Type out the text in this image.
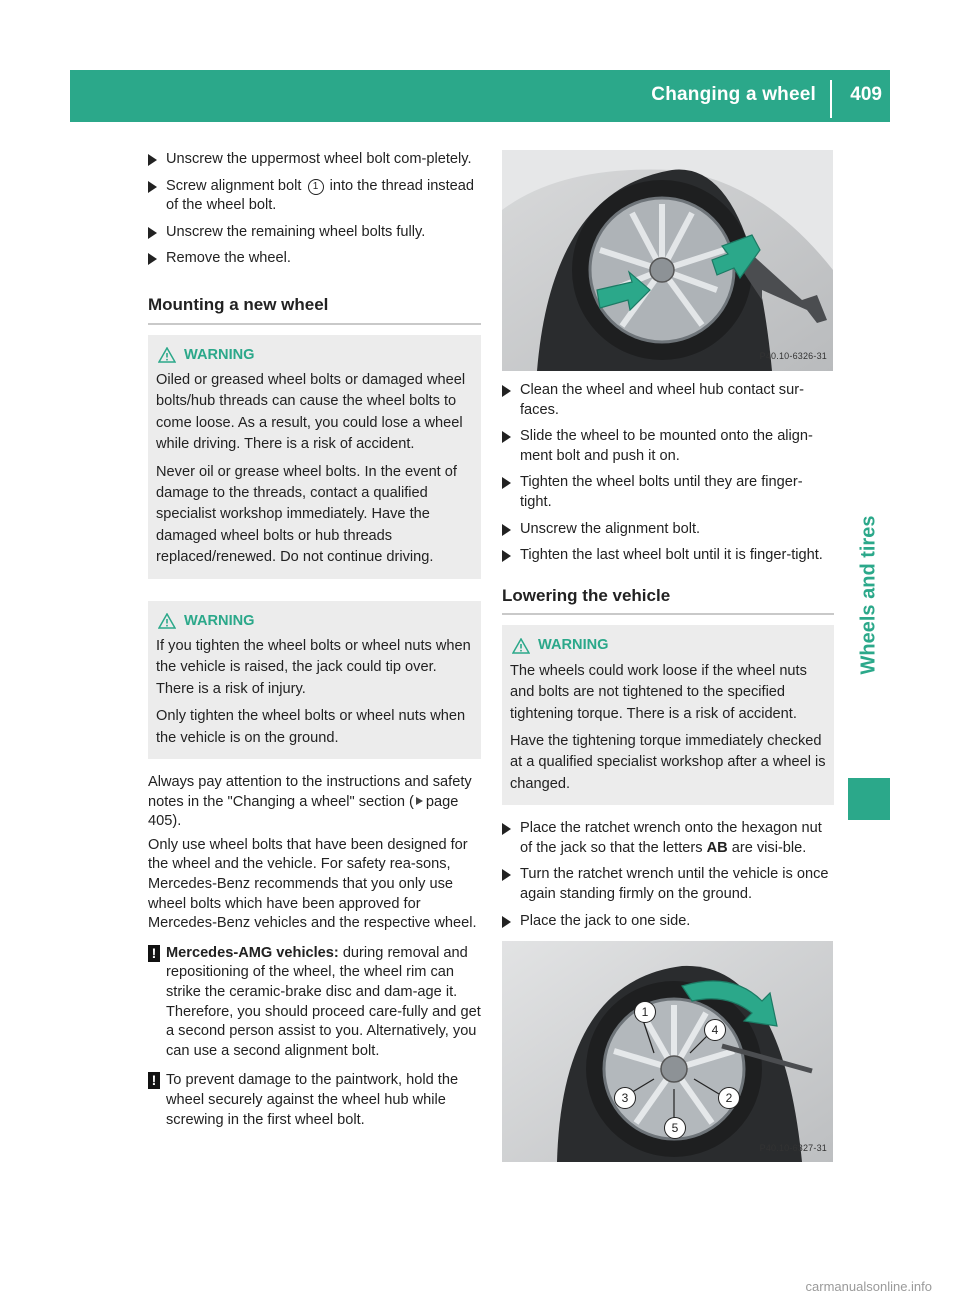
Changing a wheel 409
Wheels and tires
Unscrew the uppermost wheel bolt com-pletely.
Screw alignment bolt 1 into the thread instead of the wheel bolt.
Unscrew the remaining wheel bolts fully.
Remove the wheel.
Mounting a new wheel
WARNING

Oiled or greased wheel bolts or damaged wheel bolts/hub threads can cause the wheel bolts to come loose. As a result, you could lose a wheel while driving. There is a risk of accident.

Never oil or grease wheel bolts. In the event of damage to the threads, contact a qualified specialist workshop immediately. Have the damaged wheel bolts or hub threads replaced/renewed. Do not continue driving.

WARNING

If you tighten the wheel bolts or wheel nuts when the vehicle is raised, the jack could tip over. There is a risk of injury.

Only tighten the wheel bolts or wheel nuts when the vehicle is on the ground.

Always pay attention to the instructions and safety notes in the "Changing a wheel" section ( page 405).

Only use wheel bolts that have been designed for the wheel and the vehicle. For safety rea-sons, Mercedes-Benz recommends that you only use wheel bolts which have been approved for Mercedes-Benz vehicles and the respective wheel.

! Mercedes-AMG vehicles: during removal and repositioning of the wheel, the wheel rim can strike the ceramic-brake disc and dam-age it. Therefore, you should proceed care-fully and get a second person assist to you. Alternatively, you can use a second alignment bolt.
! To prevent damage to the paintwork, hold the wheel securely against the wheel hub while screwing in the first wheel bolt.
P40.10-6326-31
Clean the wheel and wheel hub contact sur-faces.
Slide the wheel to be mounted onto the align-ment bolt and push it on.
Tighten the wheel bolts until they are finger-tight.
Unscrew the alignment bolt.
Tighten the last wheel bolt until it is finger-tight.
Lowering the vehicle
WARNING

The wheels could work loose if the wheel nuts and bolts are not tightened to the specified tightening torque. There is a risk of accident.

Have the tightening torque immediately checked at a qualified specialist workshop after a wheel is changed.

Place the ratchet wrench onto the hexagon nut of the jack so that the letters AB are visi-ble.
Turn the ratchet wrench until the vehicle is once again standing firmly on the ground.
Place the jack to one side.
P40.10-6327-31
1
2
3
4
5
carmanualsonline.info
